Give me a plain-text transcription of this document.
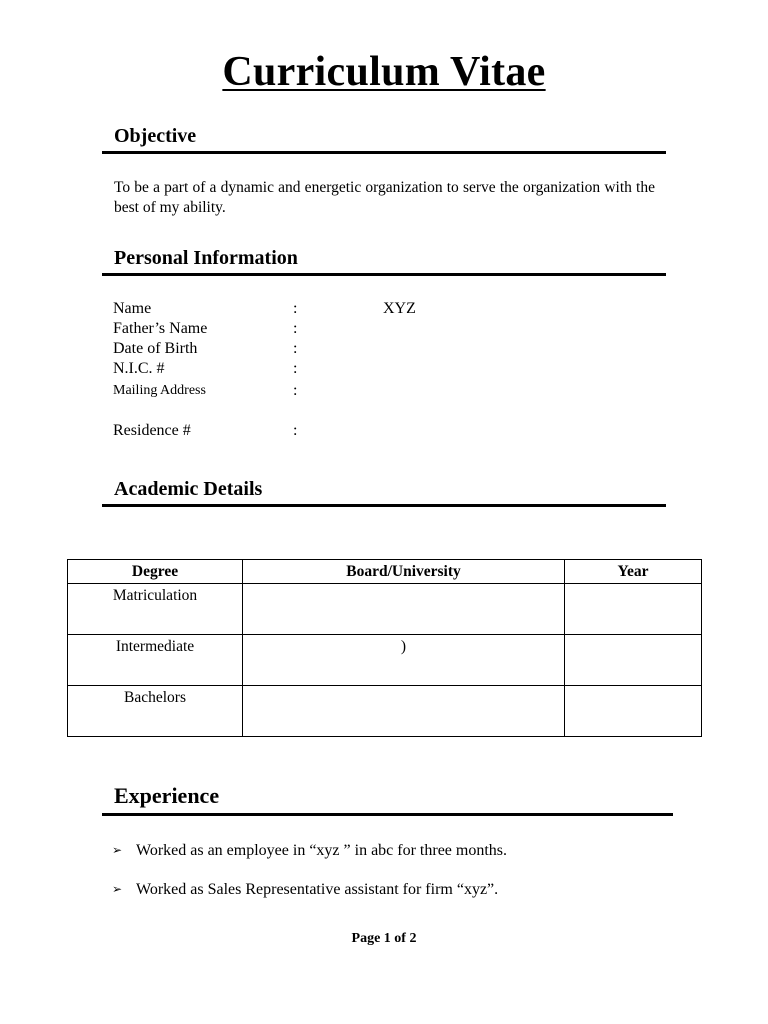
Curriculum Vitae
Objective
To be a part of a dynamic and energetic organization to serve the organization with the best of my ability.
Personal Information
Name	:	XYZ
Father’s Name	:
Date of Birth	:
N.I.C. #	:
Mailing Address	:
Residence #	:
Academic Details
Degree	Board/University	Year
Matriculation		
Intermediate	)	
Bachelors		
Experience
➢ Worked as an employee in “xyz ” in abc for three months.
➢ Worked as Sales Representative assistant for firm “xyz”.
Page 1 of 2
